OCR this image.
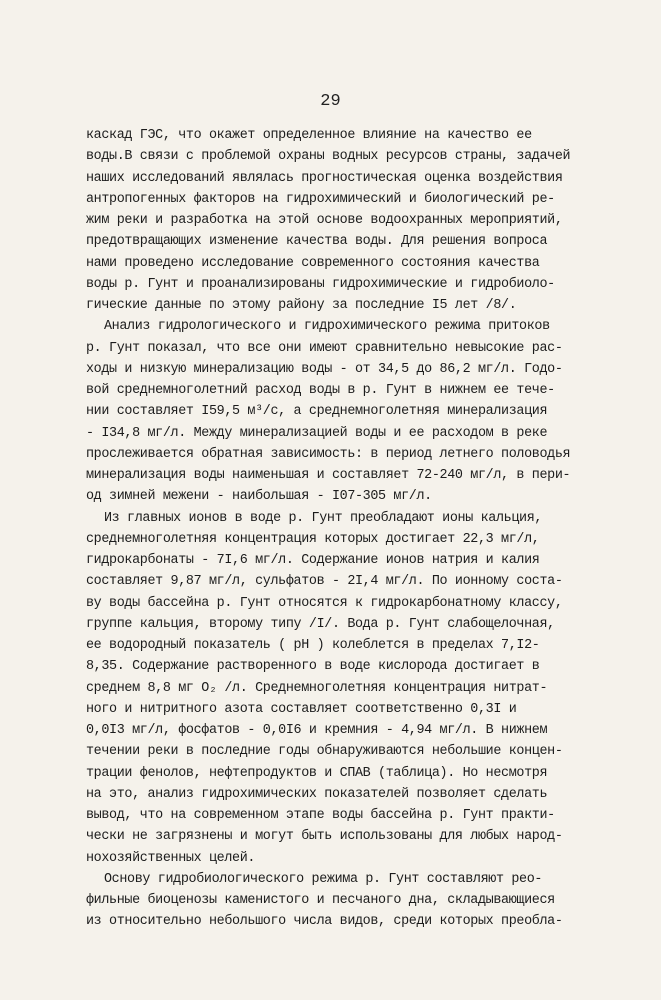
29
каскад ГЭС, что окажет определенное влияние на качество ее
воды.В связи с проблемой охраны водных ресурсов страны, задачей
наших исследований являлась прогностическая оценка воздействия
антропогенных факторов на гидрохимический и биологический ре-
жим реки и разработка на этой основе водоохранных мероприятий,
предотвращающих изменение качества воды. Для решения вопроса
нами проведено исследование современного состояния качества
воды р. Гунт и проанализированы гидрохимические и гидробиоло-
гические данные по этому району за последние I5 лет /8/.
Анализ гидрологического и гидрохимического режима притоков
р. Гунт показал, что все они имеют сравнительно невысокие рас-
ходы и низкую минерализацию воды - от 34,5 до 86,2 мг/л. Годо-
вой среднемноголетний расход воды в р. Гунт в нижнем ее тече-
нии составляет I59,5 м³/с, а среднемноголетняя минерализация
- I34,8 мг/л. Между минерализацией воды и ее расходом в реке
прослеживается обратная зависимость: в период летнего половодья
минерализация воды наименьшая и составляет 72-240 мг/л, в пери-
од зимней межени - наибольшая - I07-305 мг/л.
Из главных ионов в воде р. Гунт преобладают ионы кальция,
среднемноголетняя концентрация которых достигает 22,3 мг/л,
гидрокарбонаты - 7I,6 мг/л. Содержание ионов натрия и калия
составляет 9,87 мг/л, сульфатов - 2I,4 мг/л. По ионному соста-
ву воды бассейна р. Гунт относятся к гидрокарбонатному классу,
группе кальция, второму типу /I/. Вода р. Гунт слабощелочная,
ее водородный показатель ( pH ) колеблется в пределах 7,I2-
8,35. Содержание растворенного в воде кислорода достигает в
среднем 8,8 мг O₂ /л. Среднемноголетняя концентрация нитрат-
ного и нитритного азота составляет соответственно 0,3I и
0,0I3 мг/л, фосфатов - 0,0I6 и кремния - 4,94 мг/л. В нижнем
течении реки в последние годы обнаруживаются небольшие концен-
трации фенолов, нефтепродуктов и СПАВ (таблица). Но несмотря
на это, анализ гидрохимических показателей позволяет сделать
вывод, что на современном этапе воды бассейна р. Гунт практи-
чески не загрязнены и могут быть использованы для любых народ-
нохозяйственных целей.
Основу гидробиологического режима р. Гунт составляют рео-
фильные биоценозы каменистого и песчаного дна, складывающиеся
из относительно небольшого числа видов, среди которых преобла-
